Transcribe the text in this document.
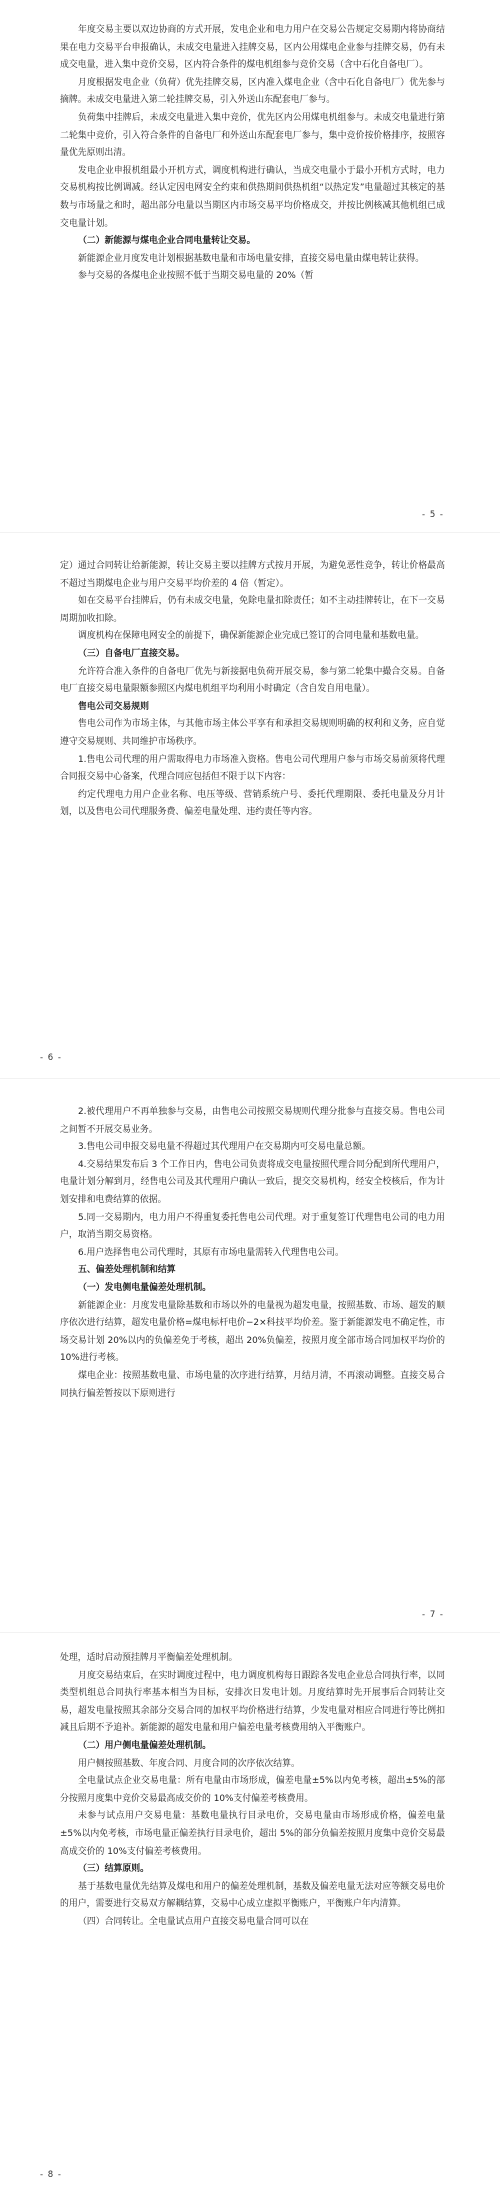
年度交易主要以双边协商的方式开展，发电企业和电力用户在交易公告规定交易期内将协商结果在电力交易平台申报确认，未成交电量进入挂牌交易，区内公用煤电企业参与挂牌交易，仍有未成交电量，进入集中竞价交易，区内符合条件的煤电机组参与竞价交易（含中石化自备电厂）。

月度根据发电企业（负荷）优先挂牌交易，区内准入煤电企业（含中石化自备电厂）优先参与摘牌。未成交电量进入第二轮挂牌交易，引入外送山东配套电厂参与。

负荷集中挂牌后，未成交电量进入集中竞价，优先区内公用煤电机组参与。未成交电量进行第二轮集中竞价，引入符合条件的自备电厂和外送山东配套电厂参与，集中竞价按价格排序，按照容量优先原则出清。

发电企业申报机组最小开机方式，调度机构进行确认，当成交电量小于最小开机方式时，电力交易机构按比例调减。经认定因电网安全约束和供热期间供热机组“以热定发”电量超过其核定的基数与市场量之和时，超出部分电量以当期区内市场交易平均价格成交，并按比例核减其他机组已成交电量计划。

（二）新能源与煤电企业合同电量转让交易。

新能源企业月度发电计划根据基数电量和市场电量安排，直接交易电量由煤电转让获得。

参与交易的各煤电企业按照不低于当期交易电量的 20%（暂

- 5 -

定）通过合同转让给新能源，转让交易主要以挂牌方式按月开展，为避免恶性竞争，转让价格最高不超过当期煤电企业与用户交易平均价差的 4 倍（暂定）。

如在交易平台挂牌后，仍有未成交电量，免除电量扣除责任；如不主动挂牌转让，在下一交易周期加收扣除。

调度机构在保障电网安全的前提下，确保新能源企业完成已签订的合同电量和基数电量。

（三）自备电厂直接交易。

允许符合准入条件的自备电厂优先与新接据电负荷开展交易，参与第二轮集中撮合交易。自备电厂直接交易电量限额参照区内煤电机组平均利用小时确定（含自发自用电量）。

售电公司交易规则

售电公司作为市场主体，与其他市场主体公平享有和承担交易规则明确的权利和义务，应自觉遵守交易规则、共同维护市场秩序。

1.售电公司代理的用户需取得电力市场准入资格。售电公司代理用户参与市场交易前须将代理合同报交易中心备案，代理合同应包括但不限于以下内容：

约定代理电力用户企业名称、电压等级、营销系统户号、委托代理期限、委托电量及分月计划，以及售电公司代理服务费、偏差电量处理、违约责任等内容。

- 6 -

2.被代理用户不再单独参与交易，由售电公司按照交易规则代理分批参与直接交易。售电公司之间暂不开展交易业务。

3.售电公司申报交易电量不得超过其代理用户在交易期内可交易电量总额。

4.交易结果发布后 3 个工作日内，售电公司负责将成交电量按照代理合同分配到所代理用户，电量计划分解到月，经售电公司及其代理用户确认一致后，提交交易机构，经安全校核后，作为计划安排和电费结算的依据。

5.同一交易期内，电力用户不得重复委托售电公司代理。对于重复签订代理售电公司的电力用户，取消当期交易资格。

6.用户选择售电公司代理时，其原有市场电量需转入代理售电公司。

五、偏差处理机制和结算

（一）发电侧电量偏差处理机制。

新能源企业：月度发电量除基数和市场以外的电量视为超发电量，按照基数、市场、超发的顺序依次进行结算，超发电量价格=煤电标杆电价−2×科技平均价差。鉴于新能源发电不确定性，市场交易计划 20%以内的负偏差免于考核，超出 20%负偏差，按照月度全部市场合同加权平均价的 10%进行考核。

煤电企业：按照基数电量、市场电量的次序进行结算，月结月清，不再滚动调整。直接交易合同执行偏差暂按以下原则进行

- 7 -

处理，适时启动预挂牌月平衡偏差处理机制。

月度交易结束后，在实时调度过程中，电力调度机构每日跟踪各发电企业总合同执行率，以同类型机组总合同执行率基本相当为目标，安排次日发电计划。月度结算时先开展事后合同转让交易，超发电量按照其余部分交易合同的加权平均价格进行结算，少发电量对相应合同进行等比例扣减且后期不予追补。新能源的超发电量和用户偏差电量考核费用纳入平衡账户。

（二）用户侧电量偏差处理机制。

用户侧按照基数、年度合同、月度合同的次序依次结算。

全电量试点企业交易电量：所有电量由市场形成，偏差电量±5%以内免考核，超出±5%的部分按照月度集中竞价交易最高成交价的 10%支付偏差考核费用。

未参与试点用户交易电量：基数电量执行目录电价，交易电量由市场形成价格，偏差电量±5%以内免考核，市场电量正偏差执行目录电价，超出 5%的部分负偏差按照月度集中竞价交易最高成交价的 10%支付偏差考核费用。

（三）结算原则。

基于基数电量优先结算及煤电和用户的偏差处理机制，基数及偏差电量无法对应等额交易电价的用户，需要进行交易双方解耦结算，交易中心成立虚拟平衡账户，平衡账户年内清算。

（四）合同转让。全电量试点用户直接交易电量合同可以在

- 8 -
